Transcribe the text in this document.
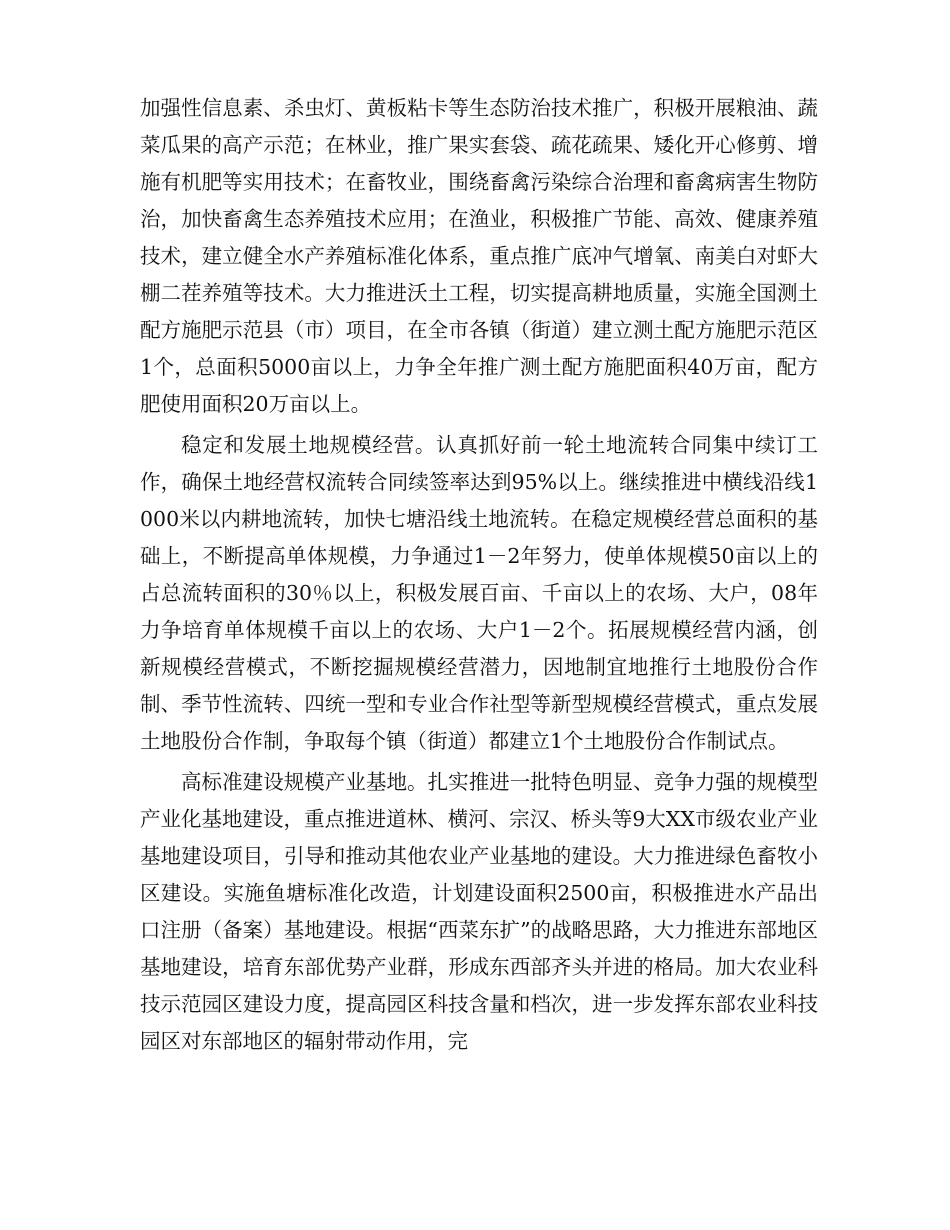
加强性信息素、杀虫灯、黄板粘卡等生态防治技术推广，积极开展粮油、蔬菜瓜果的高产示范；在林业，推广果实套袋、疏花疏果、矮化开心修剪、增施有机肥等实用技术；在畜牧业，围绕畜禽污染综合治理和畜禽病害生物防治，加快畜禽生态养殖技术应用；在渔业，积极推广节能、高效、健康养殖技术，建立健全水产养殖标准化体系，重点推广底冲气增氧、南美白对虾大棚二茬养殖等技术。大力推进沃土工程，切实提高耕地质量，实施全国测土配方施肥示范县（市）项目，在全市各镇（街道）建立测土配方施肥示范区1个，总面积5000亩以上，力争全年推广测土配方施肥面积40万亩，配方肥使用面积20万亩以上。

稳定和发展土地规模经营。认真抓好前一轮土地流转合同集中续订工作，确保土地经营权流转合同续签率达到95%以上。继续推进中横线沿线1000米以内耕地流转，加快七塘沿线土地流转。在稳定规模经营总面积的基础上，不断提高单体规模，力争通过1－2年努力，使单体规模50亩以上的占总流转面积的30％以上，积极发展百亩、千亩以上的农场、大户，08年力争培育单体规模千亩以上的农场、大户1－2个。拓展规模经营内涵，创新规模经营模式，不断挖掘规模经营潜力，因地制宜地推行土地股份合作制、季节性流转、四统一型和专业合作社型等新型规模经营模式，重点发展土地股份合作制，争取每个镇（街道）都建立1个土地股份合作制试点。

高标准建设规模产业基地。扎实推进一批特色明显、竞争力强的规模型产业化基地建设，重点推进道林、横河、宗汉、桥头等9大XX市级农业产业基地建设项目，引导和推动其他农业产业基地的建设。大力推进绿色畜牧小区建设。实施鱼塘标准化改造，计划建设面积2500亩，积极推进水产品出口注册（备案）基地建设。根据“西菜东扩”的战略思路，大力推进东部地区基地建设，培育东部优势产业群，形成东西部齐头并进的格局。加大农业科技示范园区建设力度，提高园区科技含量和档次，进一步发挥东部农业科技园区对东部地区的辐射带动作用，完
